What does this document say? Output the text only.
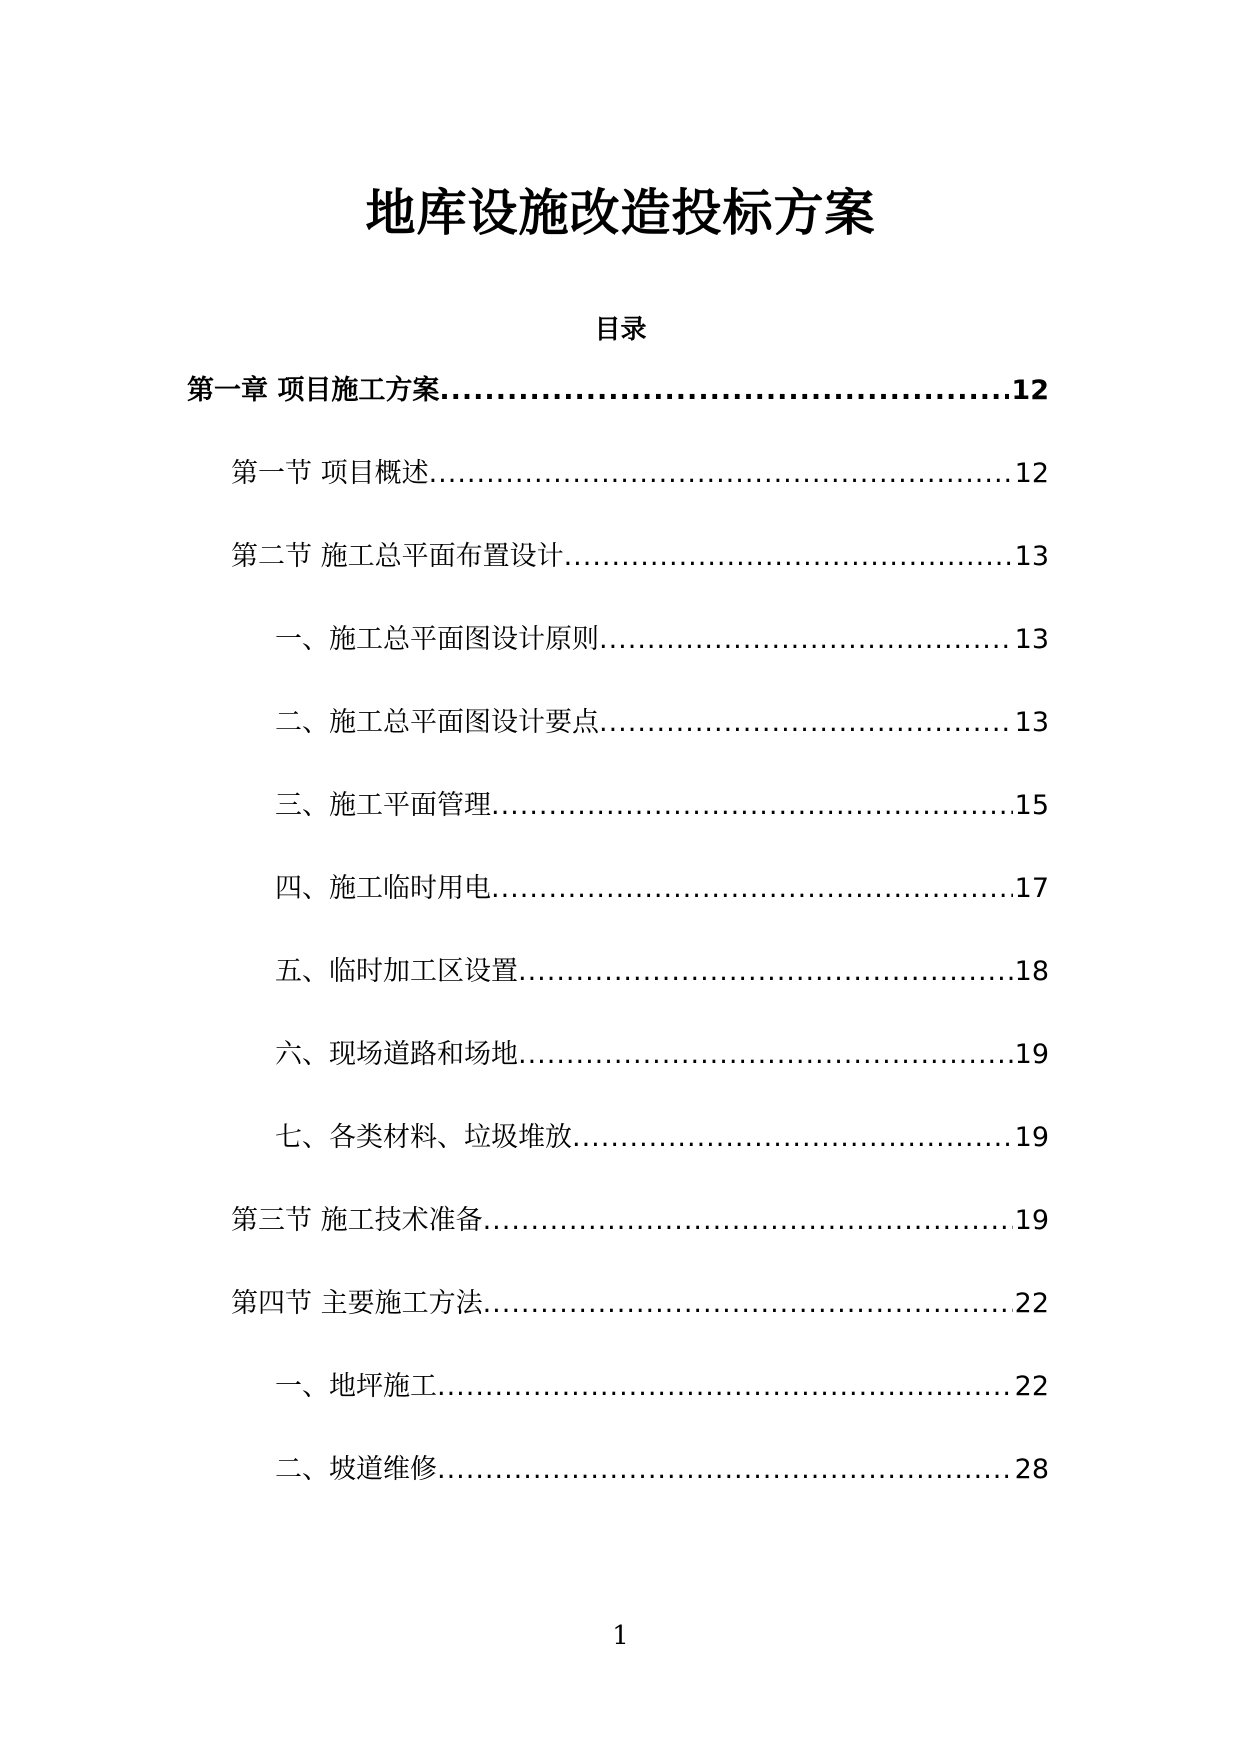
地库设施改造投标方案
目录
第一章 项目施工方案 .....	12
第一节 项目概述 .....	12
第二节 施工总平面布置设计 .....	13
一、施工总平面图设计原则 .....	13
二、施工总平面图设计要点 .....	13
三、施工平面管理 .....	15
四、施工临时用电 .....	17
五、临时加工区设置 .....	18
六、现场道路和场地 .....	19
七、各类材料、垃圾堆放 .....	19
第三节 施工技术准备 .....	19
第四节 主要施工方法 .....	22
一、地坪施工 .....	22
二、坡道维修 .....	28
1
